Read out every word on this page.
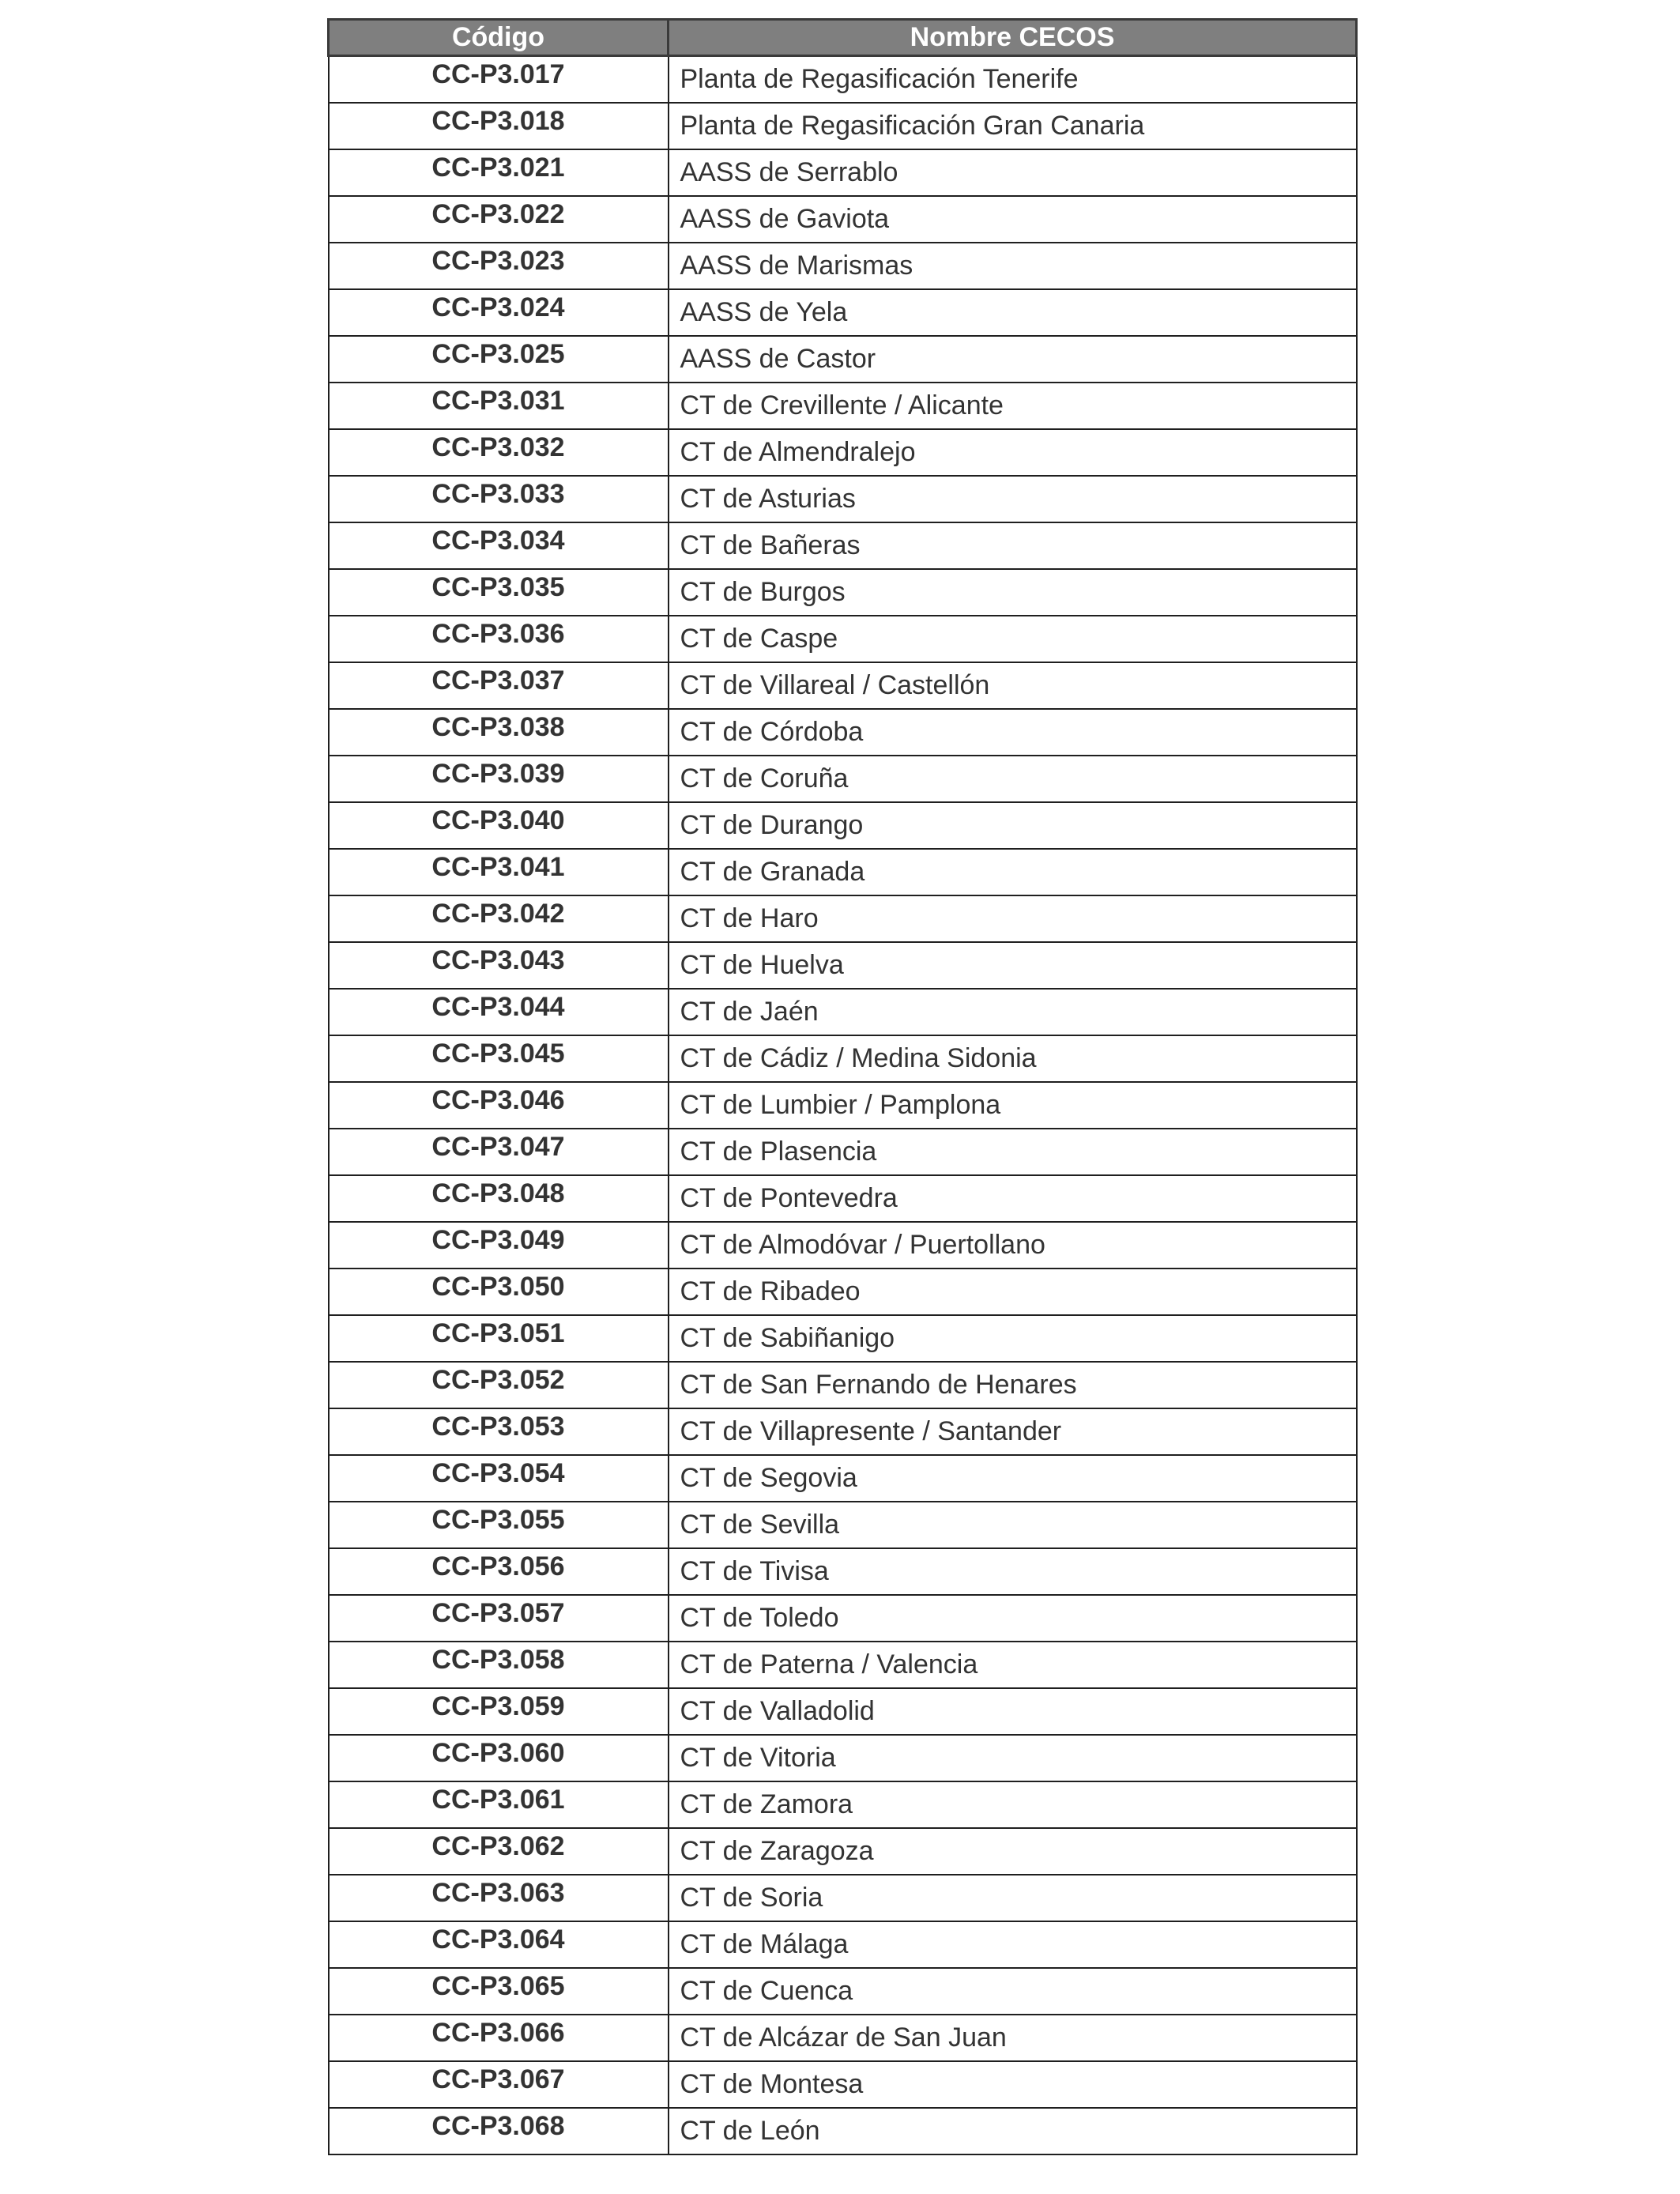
Código	Nombre CECOS
CC-P3.017	Planta de Regasificación Tenerife
CC-P3.018	Planta de Regasificación Gran Canaria
CC-P3.021	AASS de Serrablo
CC-P3.022	AASS de Gaviota
CC-P3.023	AASS de Marismas
CC-P3.024	AASS de Yela
CC-P3.025	AASS de Castor
CC-P3.031	CT de Crevillente / Alicante
CC-P3.032	CT de Almendralejo
CC-P3.033	CT de Asturias
CC-P3.034	CT de Bañeras
CC-P3.035	CT de Burgos
CC-P3.036	CT de Caspe
CC-P3.037	CT de Villareal / Castellón
CC-P3.038	CT de Córdoba
CC-P3.039	CT de Coruña
CC-P3.040	CT de Durango
CC-P3.041	CT de Granada
CC-P3.042	CT de Haro
CC-P3.043	CT de Huelva
CC-P3.044	CT de Jaén
CC-P3.045	CT de Cádiz / Medina Sidonia
CC-P3.046	CT de Lumbier / Pamplona
CC-P3.047	CT de Plasencia
CC-P3.048	CT de Pontevedra
CC-P3.049	CT de Almodóvar / Puertollano
CC-P3.050	CT de Ribadeo
CC-P3.051	CT de Sabiñanigo
CC-P3.052	CT de San Fernando de Henares
CC-P3.053	CT de Villapresente / Santander
CC-P3.054	CT de Segovia
CC-P3.055	CT de Sevilla
CC-P3.056	CT de Tivisa
CC-P3.057	CT de Toledo
CC-P3.058	CT de Paterna / Valencia
CC-P3.059	CT de Valladolid
CC-P3.060	CT de Vitoria
CC-P3.061	CT de Zamora
CC-P3.062	CT de Zaragoza
CC-P3.063	CT de Soria
CC-P3.064	CT de Málaga
CC-P3.065	CT de Cuenca
CC-P3.066	CT de Alcázar de San Juan
CC-P3.067	CT de Montesa
CC-P3.068	CT de León
